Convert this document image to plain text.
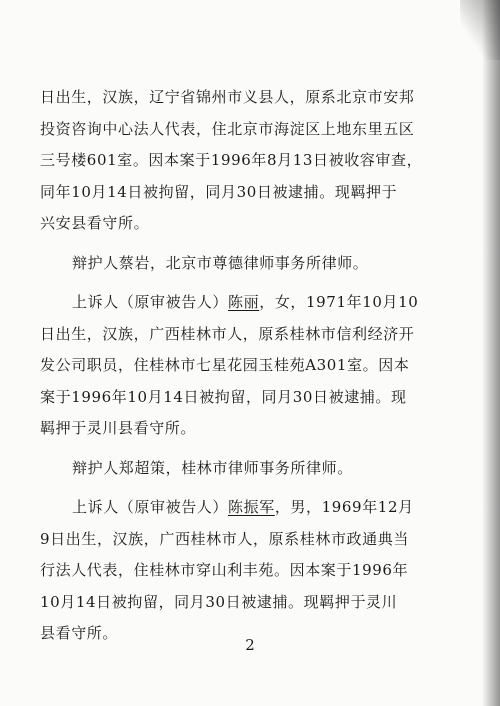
日出生，汉族，辽宁省锦州市义县人，原系北京市安邦
投资咨询中心法人代表，住北京市海淀区上地东里五区
三号楼601室。因本案于1996年8月13日被收容审查，
同年10月14日被拘留，同月30日被逮捕。现羁押于
兴安县看守所。
辩护人蔡岩，北京市尊德律师事务所律师。
上诉人（原审被告人）陈丽，女，1971年10月10
日出生，汉族，广西桂林市人，原系桂林市信利经济开
发公司职员，住桂林市七星花园玉桂苑A301室。因本
案于1996年10月14日被拘留，同月30日被逮捕。现
羁押于灵川县看守所。
辩护人郑超策，桂林市律师事务所律师。
上诉人（原审被告人）陈振军，男，1969年12月
9日出生，汉族，广西桂林市人，原系桂林市政通典当
行法人代表，住桂林市穿山利丰苑。因本案于1996年
10月14日被拘留，同月30日被逮捕。现羁押于灵川
县看守所。
2
